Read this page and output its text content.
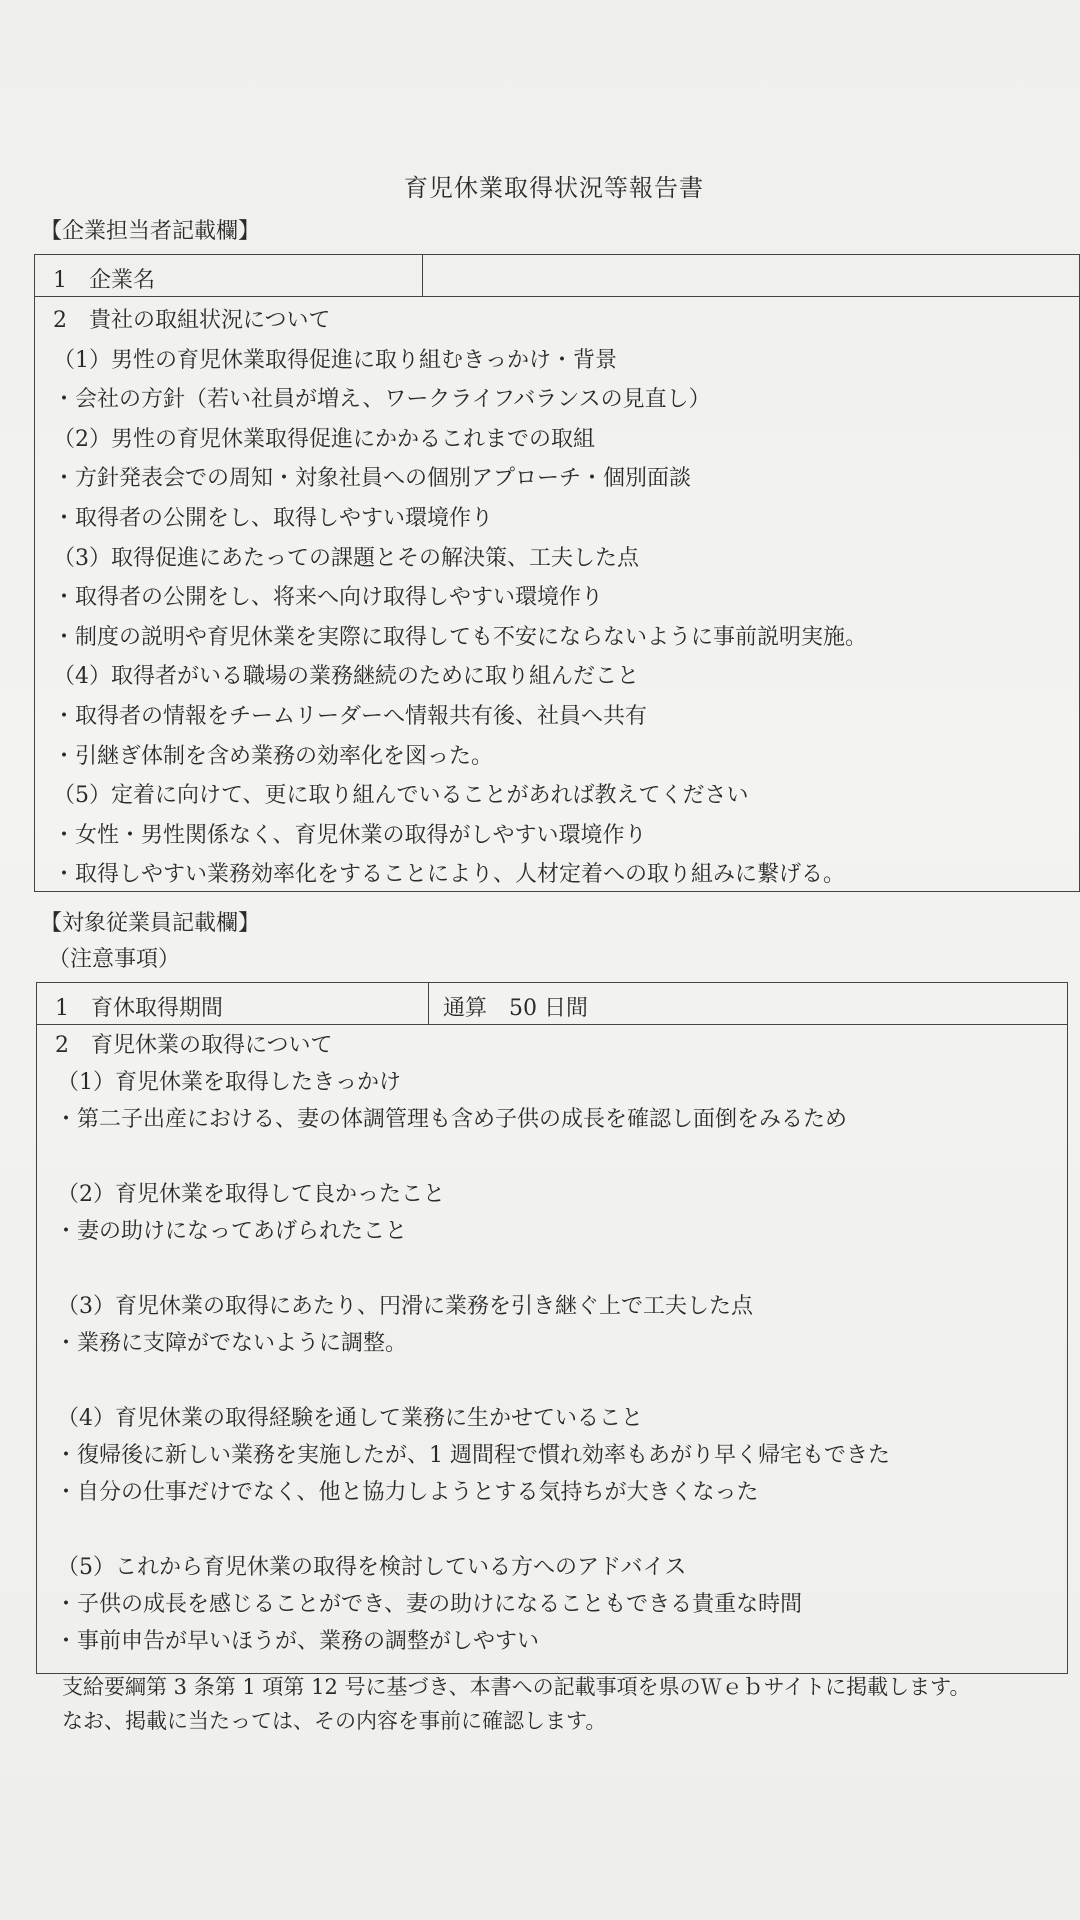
育児休業取得状況等報告書
【企業担当者記載欄】
1　企業名
2　貴社の取組状況について
（1）男性の育児休業取得促進に取り組むきっかけ・背景
・会社の方針（若い社員が増え、ワークライフバランスの見直し）
（2）男性の育児休業取得促進にかかるこれまでの取組
・方針発表会での周知・対象社員への個別アプローチ・個別面談
・取得者の公開をし、取得しやすい環境作り
（3）取得促進にあたっての課題とその解決策、工夫した点
・取得者の公開をし、将来へ向け取得しやすい環境作り
・制度の説明や育児休業を実際に取得しても不安にならないように事前説明実施。
（4）取得者がいる職場の業務継続のために取り組んだこと
・取得者の情報をチームリーダーへ情報共有後、社員へ共有
・引継ぎ体制を含め業務の効率化を図った。
（5）定着に向けて、更に取り組んでいることがあれば教えてください
・女性・男性関係なく、育児休業の取得がしやすい環境作り
・取得しやすい業務効率化をすることにより、人材定着への取り組みに繋げる。
【対象従業員記載欄】
（注意事項）
1　育休取得期間	通算　50 日間
2　育児休業の取得について
（1）育児休業を取得したきっかけ
・第二子出産における、妻の体調管理も含め子供の成長を確認し面倒をみるため
（2）育児休業を取得して良かったこと
・妻の助けになってあげられたこと
（3）育児休業の取得にあたり、円滑に業務を引き継ぐ上で工夫した点
・業務に支障がでないように調整。
（4）育児休業の取得経験を通して業務に生かせていること
・復帰後に新しい業務を実施したが、1 週間程で慣れ効率もあがり早く帰宅もできた
・自分の仕事だけでなく、他と協力しようとする気持ちが大きくなった
（5）これから育児休業の取得を検討している方へのアドバイス
・子供の成長を感じることができ、妻の助けになることもできる貴重な時間
・事前申告が早いほうが、業務の調整がしやすい
支給要綱第 3 条第 1 項第 12 号に基づき、本書への記載事項を県のＷｅｂサイトに掲載します。
なお、掲載に当たっては、その内容を事前に確認します。
